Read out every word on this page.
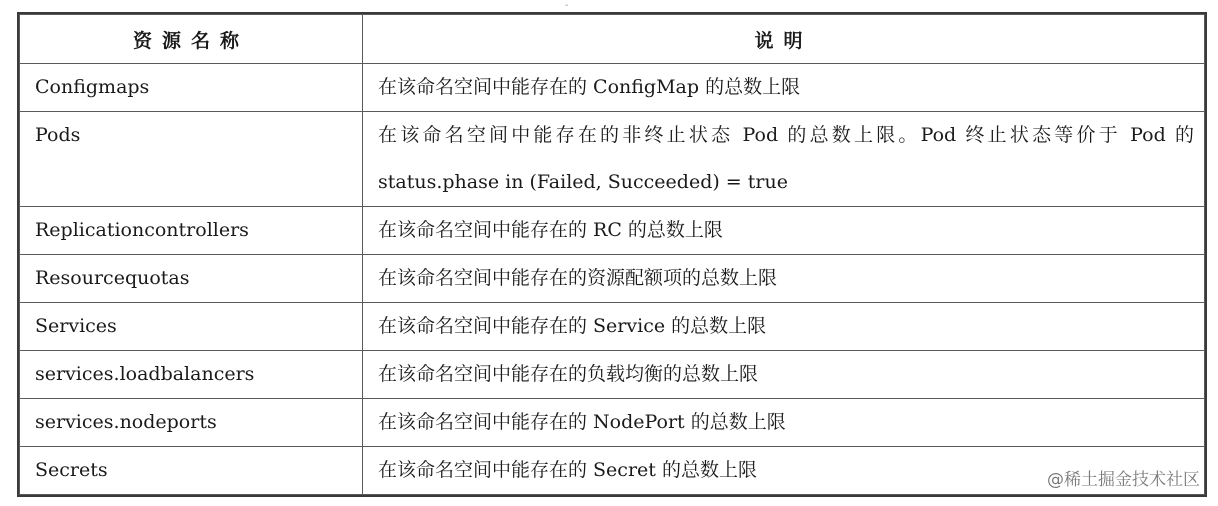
-
资源名称	说明
Configmaps	在该命名空间中能存在的 ConfigMap 的总数上限
Pods	在该命名空间中能存在的非终止状态 Pod 的总数上限。Pod 终止状态等价于 Pod 的 status.phase in (Failed, Succeeded) = true
Replicationcontrollers	在该命名空间中能存在的 RC 的总数上限
Resourcequotas	在该命名空间中能存在的资源配额项的总数上限
Services	在该命名空间中能存在的 Service 的总数上限
services.loadbalancers	在该命名空间中能存在的负载均衡的总数上限
services.nodeports	在该命名空间中能存在的 NodePort 的总数上限
Secrets	在该命名空间中能存在的 Secret 的总数上限	@稀土掘金技术社区
